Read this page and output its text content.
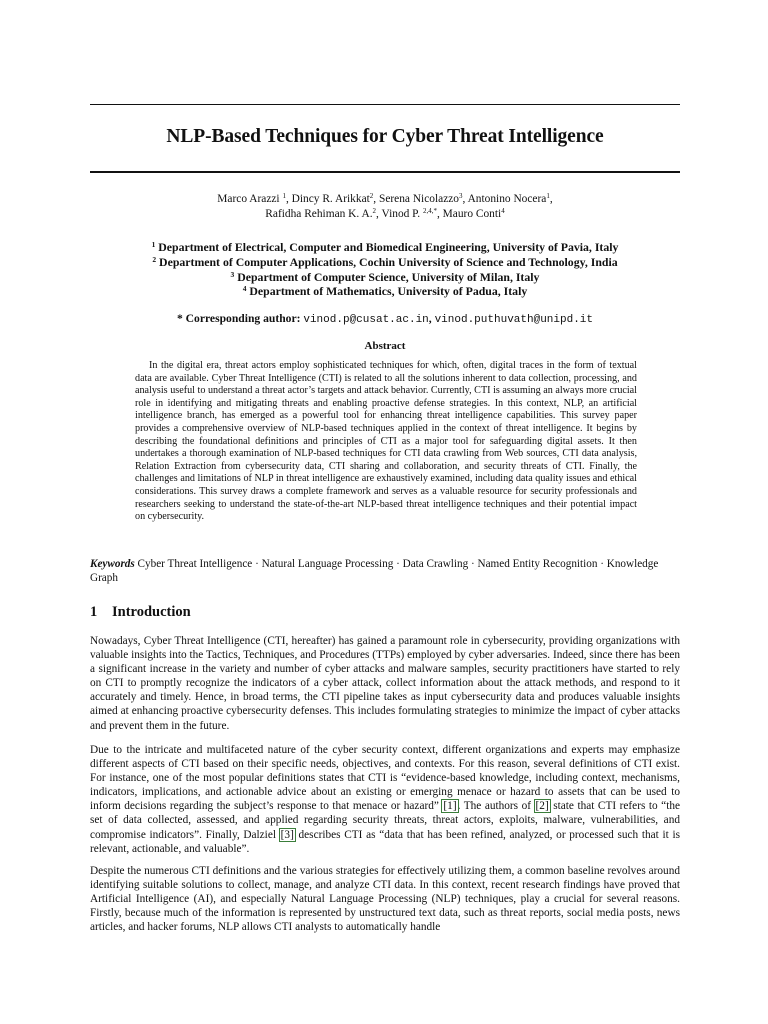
NLP-Based Techniques for Cyber Threat Intelligence
Marco Arazzi $^1$, Dincy R. Arikkat$^2$, Serena Nicolazzo$^3$, Antonino Nocera$^1$,
Rafidha Rehiman K. A.$^2$, Vinod P. $^{2,4,*}$, Mauro Conti$^4$
$^1$ Department of Electrical, Computer and Biomedical Engineering, University of Pavia, Italy
$^2$ Department of Computer Applications, Cochin University of Science and Technology, India
$^3$ Department of Computer Science, University of Milan, Italy
$^4$ Department of Mathematics, University of Padua, Italy
* Corresponding author: vinod.p@cusat.ac.in, vinod.puthuvath@unipd.it
Abstract
In the digital era, threat actors employ sophisticated techniques for which, often, digital traces in the form of textual data are available. Cyber Threat Intelligence (CTI) is related to all the solutions inherent to data collection, processing, and analysis useful to understand a threat actor’s targets and attack behavior. Currently, CTI is assuming an always more crucial role in identifying and mitigating threats and enabling proactive defense strategies. In this context, NLP, an artificial intelligence branch, has emerged as a powerful tool for enhancing threat intelligence capabilities. This survey paper provides a comprehensive overview of NLP-based techniques applied in the context of threat intelligence. It begins by describing the foundational definitions and principles of CTI as a major tool for safeguarding digital assets. It then undertakes a thorough examination of NLP-based techniques for CTI data crawling from Web sources, CTI data analysis, Relation Extraction from cybersecurity data, CTI sharing and collaboration, and security threats of CTI. Finally, the challenges and limitations of NLP in threat intelligence are exhaustively examined, including data quality issues and ethical considerations. This survey draws a complete framework and serves as a valuable resource for security professionals and researchers seeking to understand the state-of-the-art NLP-based threat intelligence techniques and their potential impact on cybersecurity.
Keywords Cyber Threat Intelligence · Natural Language Processing · Data Crawling · Named Entity Recognition · Knowledge Graph
1 Introduction
Nowadays, Cyber Threat Intelligence (CTI, hereafter) has gained a paramount role in cybersecurity, providing organizations with valuable insights into the Tactics, Techniques, and Procedures (TTPs) employed by cyber adversaries. Indeed, since there has been a significant increase in the variety and number of cyber attacks and malware samples, security practitioners have started to rely on CTI to promptly recognize the indicators of a cyber attack, collect information about the attack methods, and respond to it accurately and timely. Hence, in broad terms, the CTI pipeline takes as input cybersecurity data and produces valuable insights aimed at enhancing proactive cybersecurity defenses. This includes formulating strategies to minimize the impact of cyber attacks and prevent them in the future.
Due to the intricate and multifaceted nature of the cyber security context, different organizations and experts may emphasize different aspects of CTI based on their specific needs, objectives, and contexts. For this reason, several definitions of CTI exist. For instance, one of the most popular definitions states that CTI is “evidence-based knowledge, including context, mechanisms, indicators, implications, and actionable advice about an existing or emerging menace or hazard to assets that can be used to inform decisions regarding the subject’s response to that menace or hazard” [1]. The authors of [2] state that CTI refers to “the set of data collected, assessed, and applied regarding security threats, threat actors, exploits, malware, vulnerabilities, and compromise indicators”. Finally, Dalziel [3] describes CTI as “data that has been refined, analyzed, or processed such that it is relevant, actionable, and valuable”.
Despite the numerous CTI definitions and the various strategies for effectively utilizing them, a common baseline revolves around identifying suitable solutions to collect, manage, and analyze CTI data. In this context, recent research findings have proved that Artificial Intelligence (AI), and especially Natural Language Processing (NLP) techniques, play a crucial for several reasons. Firstly, because much of the information is represented by unstructured text data, such as threat reports, social media posts, news articles, and hacker forums, NLP allows CTI analysts to automatically handle
